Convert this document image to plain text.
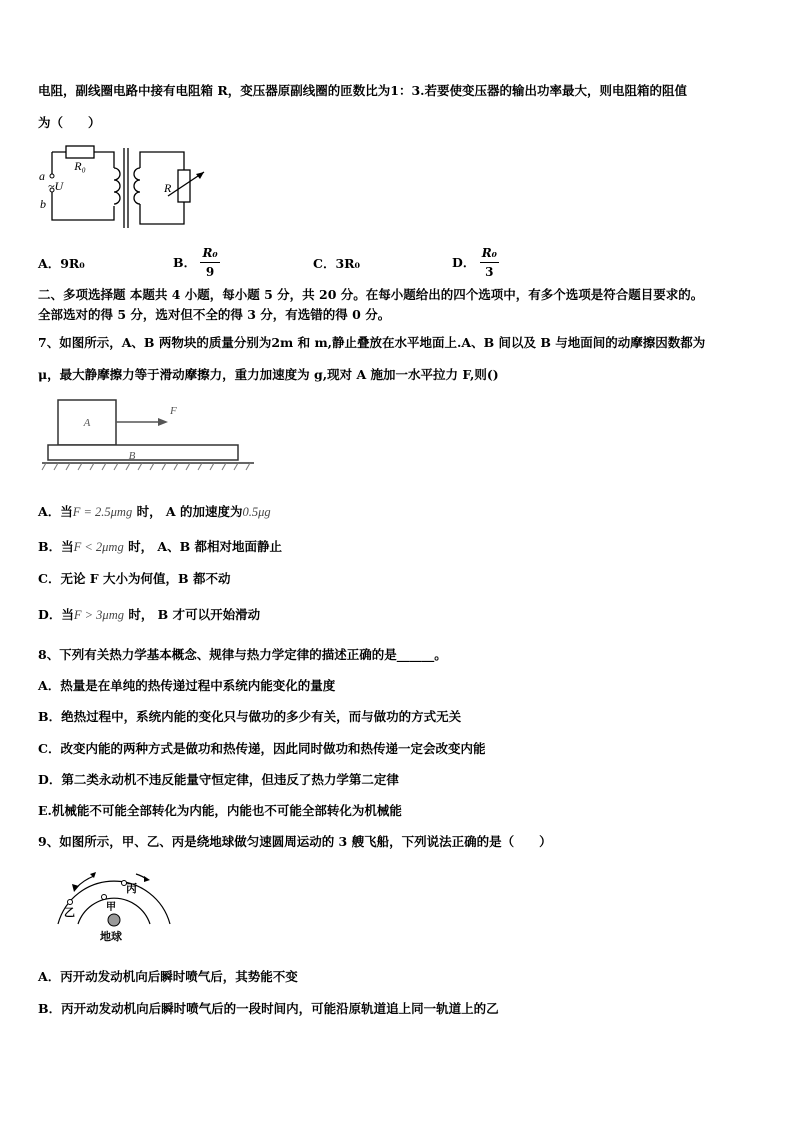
电阻，副线圈电路中接有电阻箱 R，变压器原副线圈的匝数比为1：3.若要使变压器的输出功率最大，则电阻箱的阻值
为（　　）
R₀
a
~U
b
R
A．9R₀	B． $\frac{\text{R₀}}{9}$	C．3R₀	D． $\frac{\text{R₀}}{3}$
二、多项选择题 本题共 4 小题，每小题 5 分，共 20 分。在每小题给出的四个选项中，有多个选项是符合题目要求的。
全部选对的得 5 分，选对但不全的得 3 分，有选错的得 0 分。
7、如图所示，A、B 两物块的质量分别为2m 和 m,静止叠放在水平地面上.A、B 间以及 B 与地面间的动摩擦因数都为
μ，最大静摩擦力等于滑动摩擦力，重力加速度为 g,现对 A 施加一水平拉力 F,则()
A
B
F
A．当F = 2.5μmg 时， A 的加速度为0.5μg
B．当F < 2μmg 时， A、B 都相对地面静止
C．无论 F 大小为何值，B 都不动
D．当F > 3μmg 时， B 才可以开始滑动
8、下列有关热力学基本概念、规律与热力学定律的描述正确的是______。
A．热量是在单纯的热传递过程中系统内能变化的量度
B．绝热过程中，系统内能的变化只与做功的多少有关，而与做功的方式无关
C．改变内能的两种方式是做功和热传递，因此同时做功和热传递一定会改变内能
D．第二类永动机不违反能量守恒定律，但违反了热力学第二定律
E.机械能不可能全部转化为内能，内能也不可能全部转化为机械能
9、如图所示，甲、乙、丙是绕地球做匀速圆周运动的 3 艘飞船，下列说法正确的是（　　）
丙
乙	甲
地球
A．丙开动发动机向后瞬时喷气后，其势能不变
B．丙开动发动机向后瞬时喷气后的一段时间内，可能沿原轨道追上同一轨道上的乙
